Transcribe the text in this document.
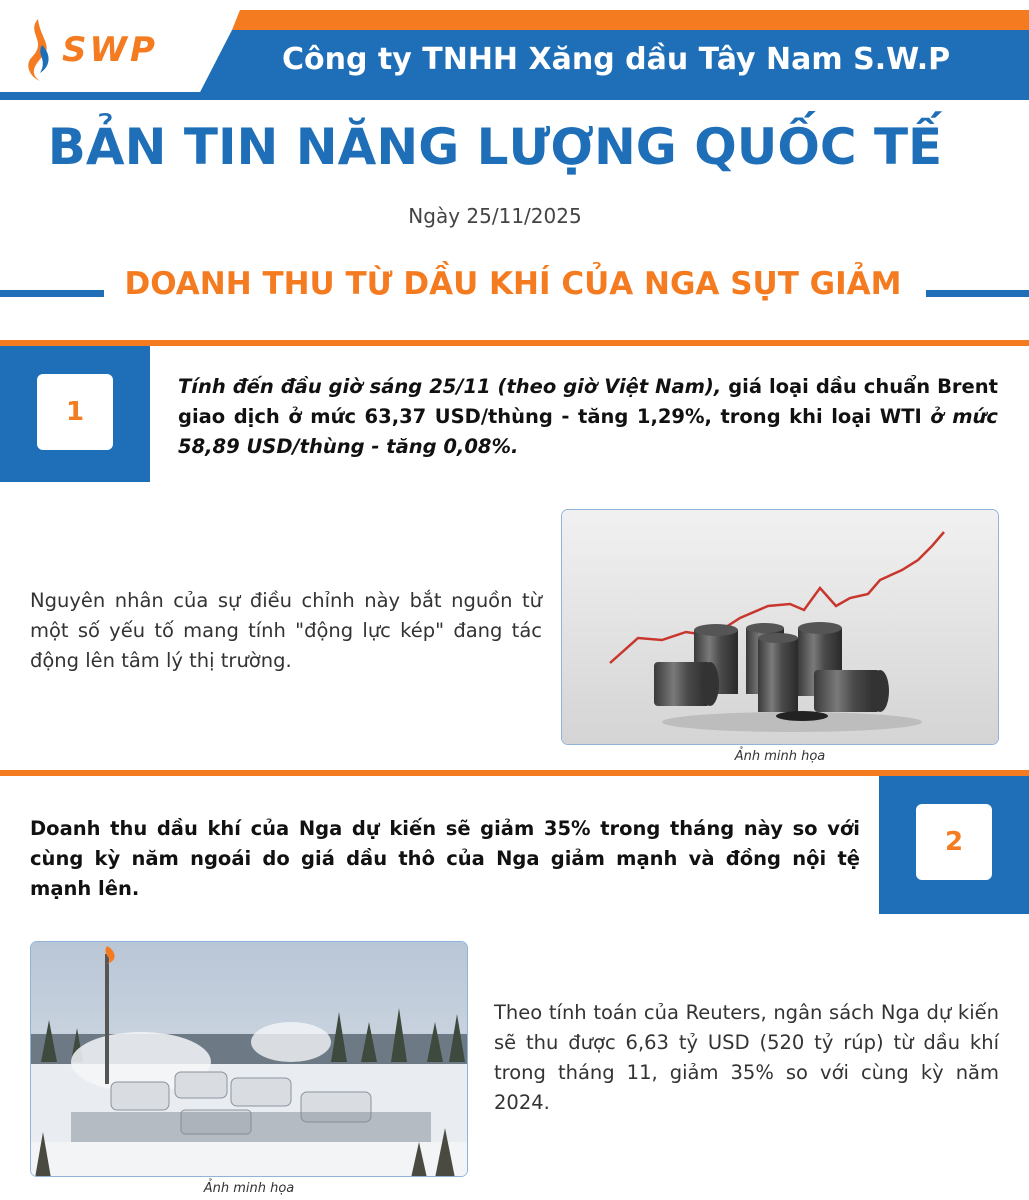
SWP	Công ty TNHH Xăng dầu Tây Nam S.W.P
BẢN TIN NĂNG LƯỢNG QUỐC TẾ
Ngày 25/11/2025
DOANH THU TỪ DẦU KHÍ CỦA NGA SỤT GIẢM
1
Tính đến đầu giờ sáng 25/11 (theo giờ Việt Nam), giá loại dầu chuẩn Brent giao dịch ở mức 63,37 USD/thùng - tăng 1,29%, trong khi loại WTI ở mức 58,89 USD/thùng - tăng 0,08%.
Nguyên nhân của sự điều chỉnh này bắt nguồn từ một số yếu tố mang tính "động lực kép" đang tác động lên tâm lý thị trường.
Ảnh minh họa
2
Doanh thu dầu khí của Nga dự kiến sẽ giảm 35% trong tháng này so với cùng kỳ năm ngoái do giá dầu thô của Nga giảm mạnh và đồng nội tệ mạnh lên.
Ảnh minh họa
Theo tính toán của Reuters, ngân sách Nga dự kiến sẽ thu được 6,63 tỷ USD (520 tỷ rúp) từ dầu khí trong tháng 11, giảm 35% so với cùng kỳ năm 2024.
